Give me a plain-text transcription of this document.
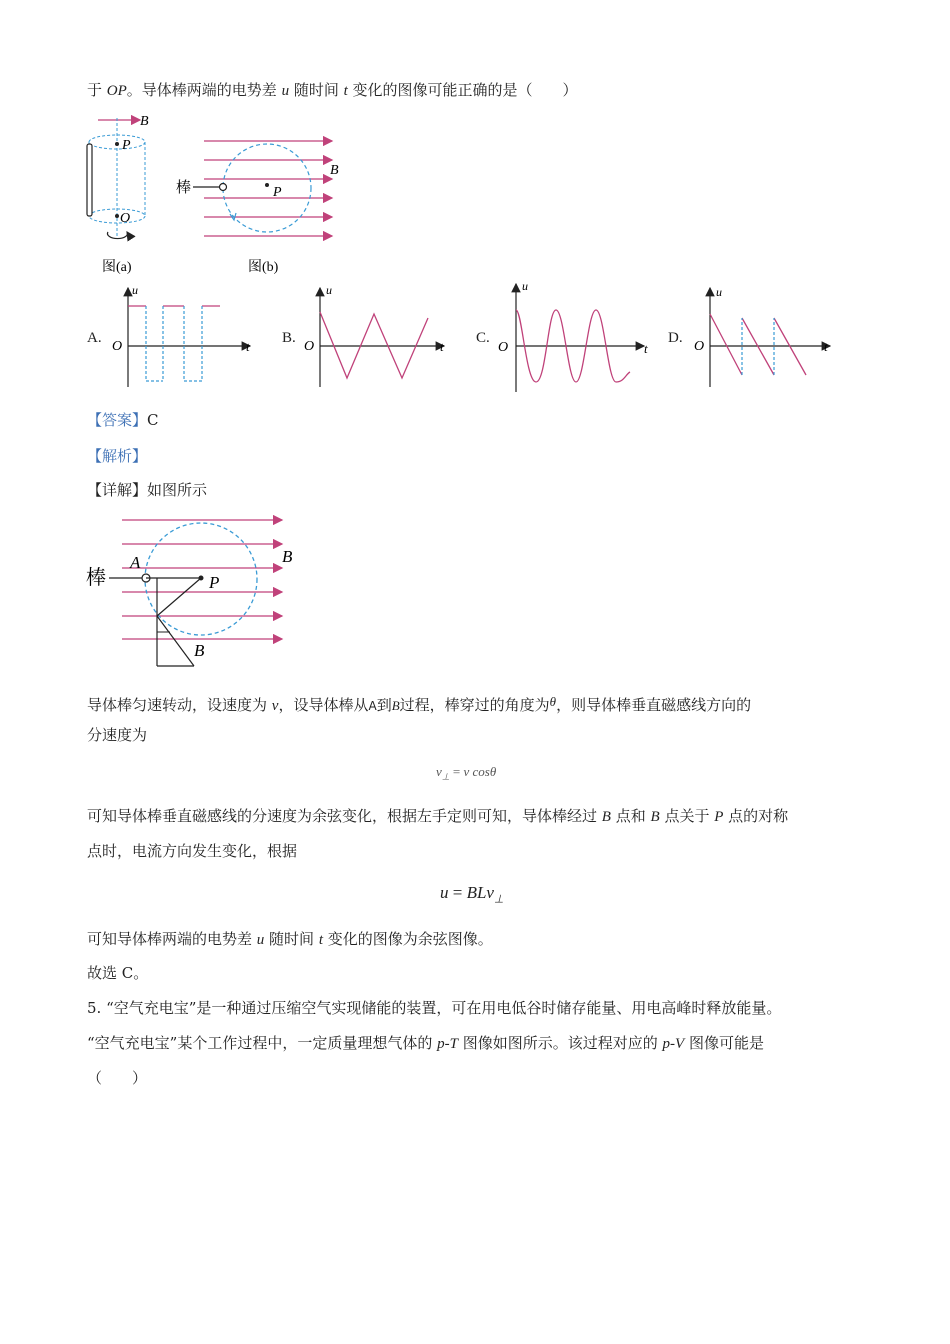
于 OP。导体棒两端的电势差 u 随时间 t 变化的图像可能正确的是（　　）
B
P
O
图(a)
棒	P
B
图(b)
A.
u
O	t
B.
u
O	t
C.
u
O	t
D.
u
O	t
【答案】C
【解析】
【详解】如图所示
棒
A
P
B
B
导体棒匀速转动，设速度为 v，设导体棒从A到B过程，棒穿过的角度为θ，则导体棒垂直磁感线方向的
分速度为
$v_\perp = v$ cosθ
可知导体棒垂直磁感线的分速度为余弦变化，根据左手定则可知，导体棒经过 B 点和 B 点关于 P 点的对称
点时，电流方向发生变化，根据
u = BLv$_\perp$
可知导体棒两端的电势差 u 随时间 t 变化的图像为余弦图像。
故选 C。
5. “空气充电宝”是一种通过压缩空气实现储能的装置，可在用电低谷时储存能量、用电高峰时释放能量。
“空气充电宝”某个工作过程中，一定质量理想气体的 p-T 图像如图所示。该过程对应的 p-V 图像可能是
（　　）
